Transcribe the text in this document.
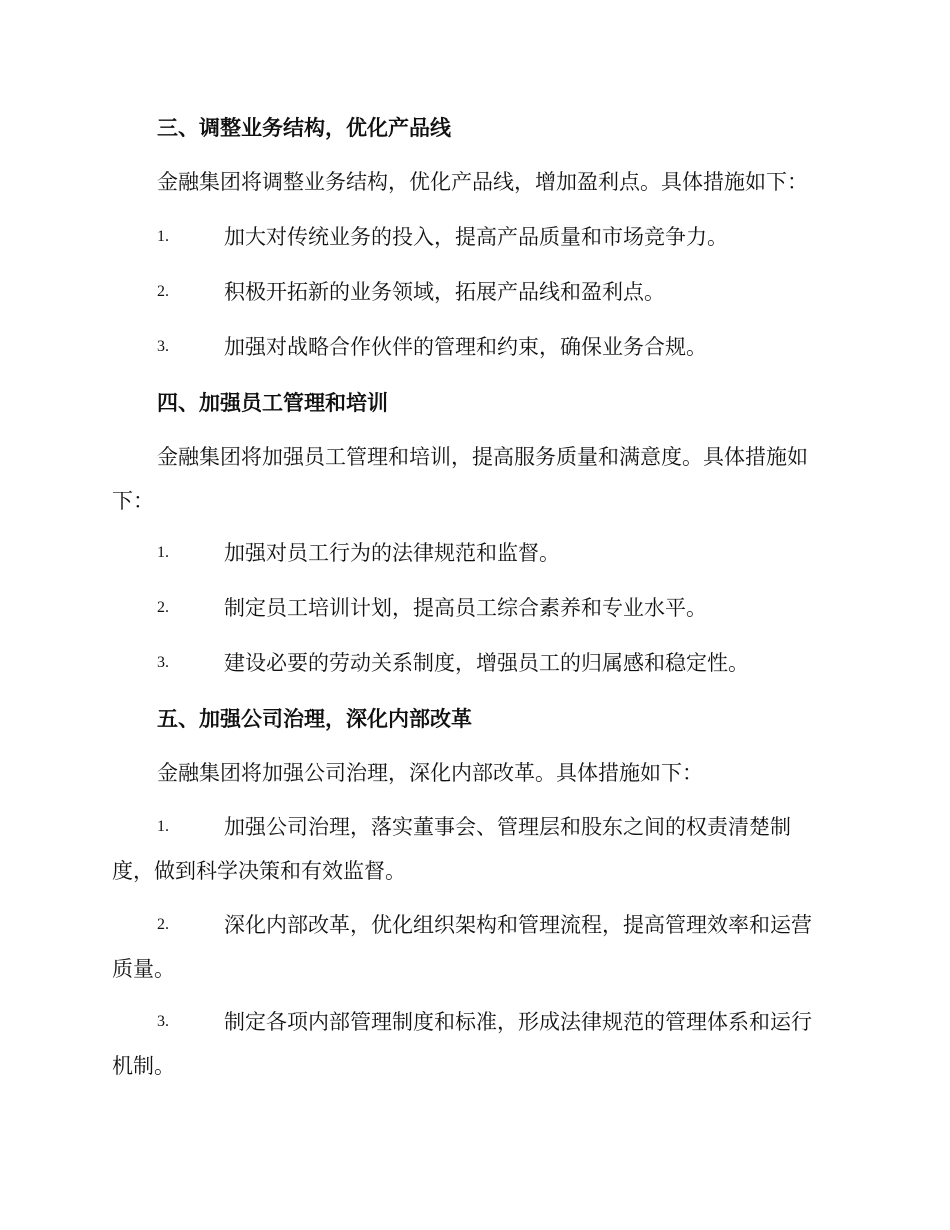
三、调整业务结构，优化产品线
金融集团将调整业务结构，优化产品线，增加盈利点。具体措施如下：
1.	加大对传统业务的投入，提高产品质量和市场竞争力。
2.	积极开拓新的业务领域，拓展产品线和盈利点。
3.	加强对战略合作伙伴的管理和约束，确保业务合规。
四、加强员工管理和培训
金融集团将加强员工管理和培训，提高服务质量和满意度。具体措施如下：
1.	加强对员工行为的法律规范和监督。
2.	制定员工培训计划，提高员工综合素养和专业水平。
3.	建设必要的劳动关系制度，增强员工的归属感和稳定性。
五、加强公司治理，深化内部改革
金融集团将加强公司治理，深化内部改革。具体措施如下：
1.	加强公司治理，落实董事会、管理层和股东之间的权责清楚制
度，做到科学决策和有效监督。
2.	深化内部改革，优化组织架构和管理流程，提高管理效率和运营
质量。
3.	制定各项内部管理制度和标准，形成法律规范的管理体系和运行
机制。
